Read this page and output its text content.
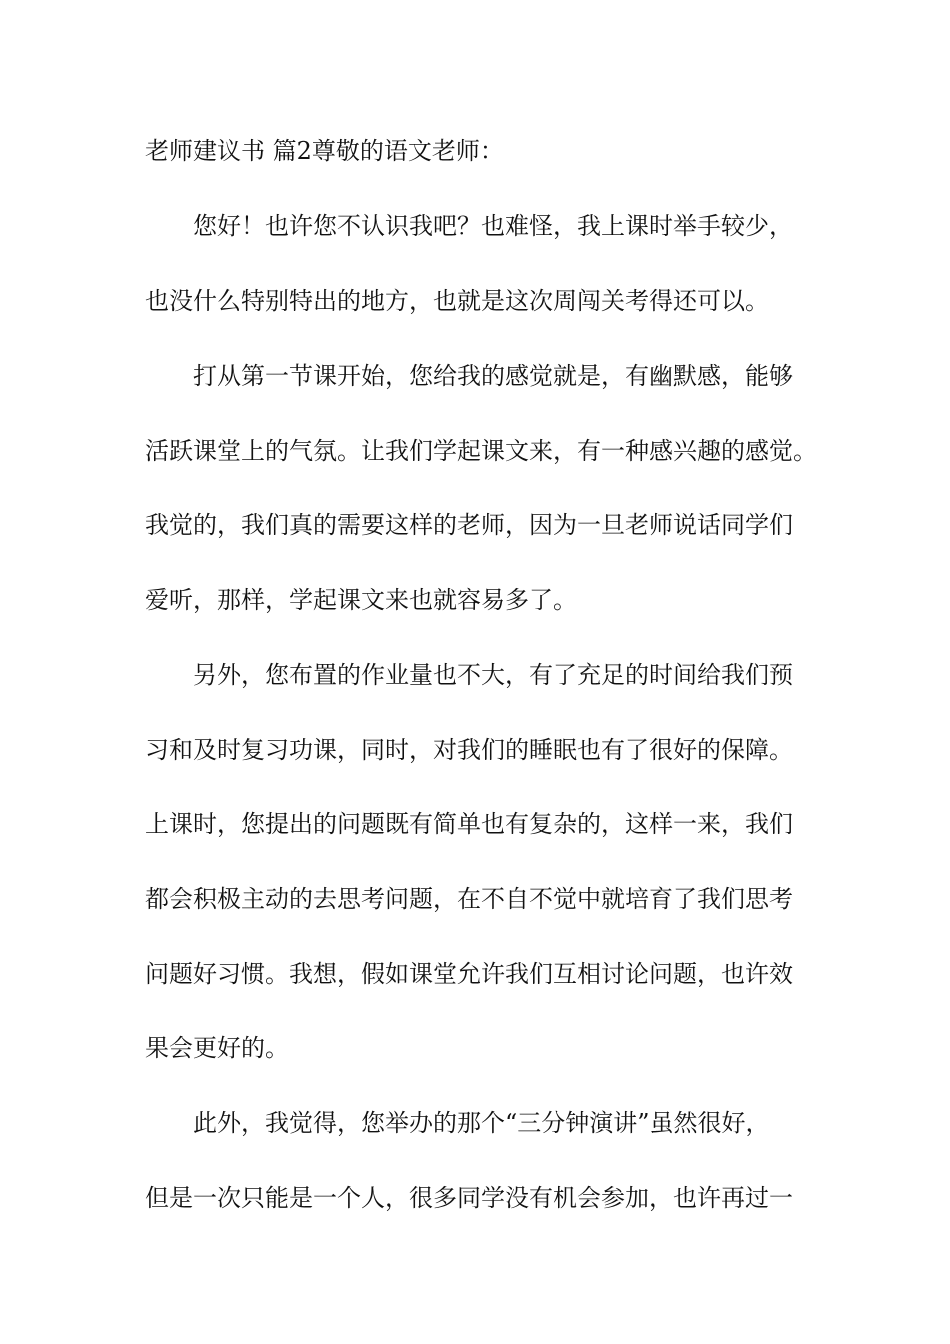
老师建议书 篇2尊敬的语文老师：
您好！也许您不认识我吧？也难怪，我上课时举手较少，
也没什么特别特出的地方，也就是这次周闯关考得还可以。
打从第一节课开始，您给我的感觉就是，有幽默感，能够
活跃课堂上的气氛。让我们学起课文来，有一种感兴趣的感觉。
我觉的，我们真的需要这样的老师，因为一旦老师说话同学们
爱听，那样，学起课文来也就容易多了。
另外，您布置的作业量也不大，有了充足的时间给我们预
习和及时复习功课，同时，对我们的睡眠也有了很好的保障。
上课时，您提出的问题既有简单也有复杂的，这样一来，我们
都会积极主动的去思考问题，在不自不觉中就培育了我们思考
问题好习惯。我想，假如课堂允许我们互相讨论问题，也许效
果会更好的。
此外，我觉得，您举办的那个“三分钟演讲”虽然很好，
但是一次只能是一个人，很多同学没有机会参加，也许再过一
